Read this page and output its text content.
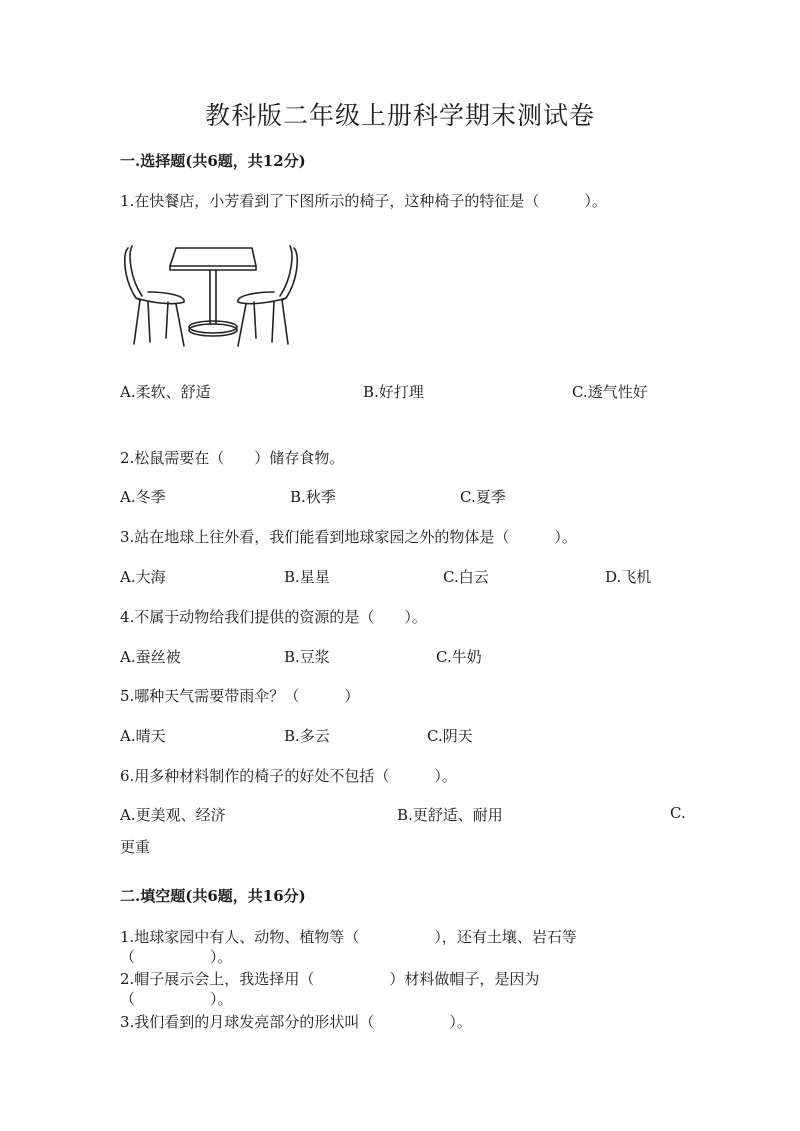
教科版二年级上册科学期末测试卷
一.选择题(共6题，共12分)
1.在快餐店，小芳看到了下图所示的椅子，这种椅子的特征是（　　　）。
A.柔软、舒适	B.好打理	C.透气性好
2.松鼠需要在（　　）储存食物。
A.冬季	B.秋季	C.夏季
3.站在地球上往外看，我们能看到地球家园之外的物体是（　　　）。
A.大海	B.星星	C.白云	D.飞机
4.不属于动物给我们提供的资源的是（　　）。
A.蚕丝被	B.豆浆	C.牛奶
5.哪种天气需要带雨伞？（　　　）
A.晴天	B.多云	C.阴天
6.用多种材料制作的椅子的好处不包括（　　　）。
A.更美观、经济	B.更舒适、耐用	C.
更重
二.填空题(共6题，共16分)
1.地球家园中有人、动物、植物等（　　　　　），还有土壤、岩石等
（　　　　　）。
2.帽子展示会上，我选择用（　　　　　）材料做帽子，是因为
（　　　　　）。
3.我们看到的月球发亮部分的形状叫（　　　　　）。
